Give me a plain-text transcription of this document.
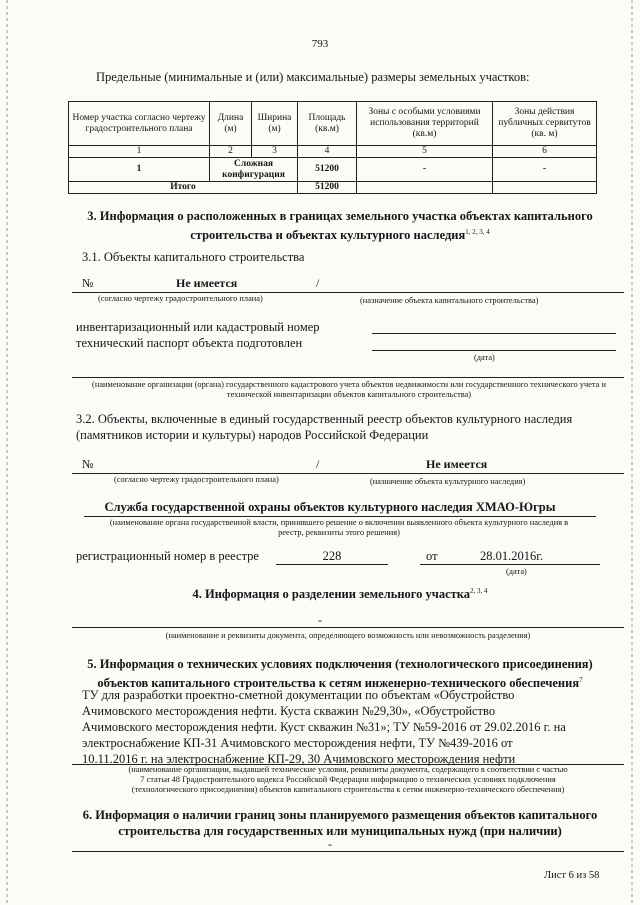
793
Предельные (минимальные и (или) максимальные) размеры земельных участков:
Номер участка согласно чертежу градостроительного плана	Длина (м)	Ширина (м)	Площадь (кв.м)	Зоны с особыми условиями использования территорий (кв.м)	Зоны действия публичных сервитутов (кв. м)
1	2	3	4	5	6
1	Сложная конфигурация		51200	-	-
Итого			51200		
3. Информация о расположенных в границах земельного участка объектах капитального
строительства и объектах культурного наследия$^{1, 2, 3, 4}$
3.1. Объекты капитального строительства
№	Не имеется	/
(согласно чертежу градостроительного плана)	(назначение объекта капитального строительства)
инвентаризационный или кадастровый номер
технический паспорт объекта подготовлен
(дата)
(наименование организации (органа) государственного кадастрового учета объектов недвижимости или государственного технического учета и технической инвентаризации объектов капитального строительства)
3.2. Объекты, включенные в единый государственный реестр объектов культурного наследия (памятников истории и культуры) народов Российской Федерации
№	/	Не имеется
(согласно чертежу градостроительного плана)	(назначение объекта культурного наследия)
Служба государственной охраны объектов культурного наследия ХМАО-Югры
(наименование органа государственной власти, принявшего решение о включении выявленного объекта культурного наследия в реестр, реквизиты этого решения)
регистрационный номер в реестре	228	от	28.01.2016г.
(дата)
4. Информация о разделении земельного участка$^{2, 3, 4}$
-
(наименование и реквизиты документа, определяющего возможность или невозможность разделения)
5. Информация о технических условиях подключения (технологического присоединения)
объектов капитального строительства к сетям инженерно-технического обеспечения$^7$
ТУ для разработки проектно-сметной документации по объектам «Обустройство
Ачимовского месторождения нефти. Куста скважин №29,30», «Обустройство
Ачимовского месторождения нефти. Куст скважин №31»; ТУ №59-2016 от 29.02.2016 г. на
электроснабжение КП-31 Ачимовского месторождения нефти, ТУ №439-2016 от
10.11.2016 г. на электроснабжение КП-29, 30 Ачимовского месторождения нефти
(наименование организации, выдавшей технические условия, реквизиты документа, содержащего в соответствии с частью
7 статьи 48 Градостроительного кодекса Российской Федерации информацию о технических условиях подключения
(технологического присоединения) объектов капитального строительства к сетям инженерно-технического обеспечения)
6. Информация о наличии границ зоны планируемого размещения объектов капитального
строительства для государственных или муниципальных нужд (при наличии)
-
Лист 6 из 58
